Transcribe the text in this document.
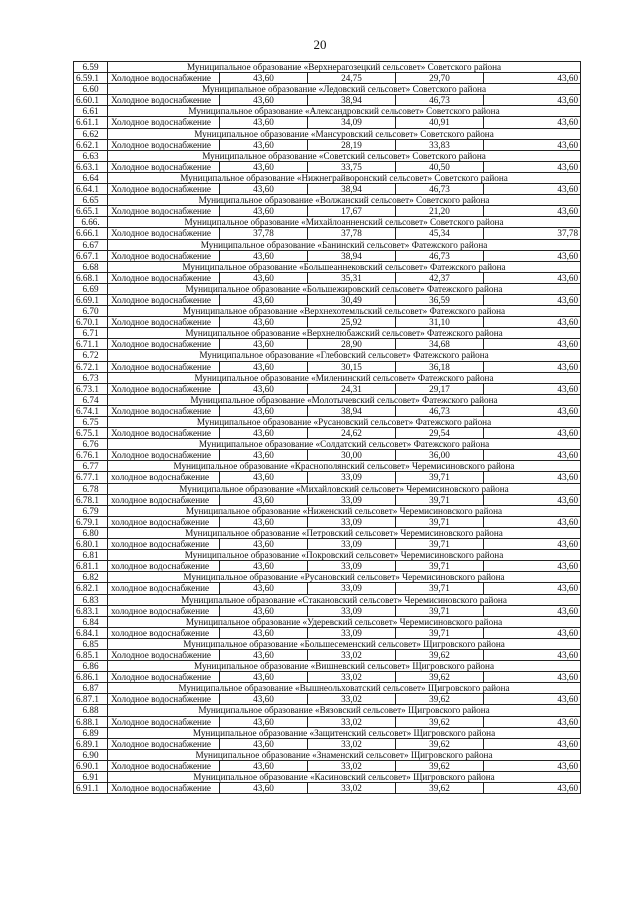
20
6.59	Муниципальное образование «Верхнерагозецкий сельсовет» Советского района				
6.59.1	Холодное водоснабжение	43,60	24,75	29,70	43,60
6.60	Муниципальное образование «Ледовский сельсовет» Советского района				
6.60.1	Холодное водоснабжение	43,60	38,94	46,73	43,60
6.61	Муниципальное образование «Александровский сельсовет» Советского района				
6.61.1	Холодное водоснабжение	43,60	34,09	40,91	43,60
6.62	Муниципальное образование «Мансуровский сельсовет» Советского района				
6.62.1	Холодное водоснабжение	43,60	28,19	33,83	43,60
6.63	Муниципальное образование «Советский сельсовет» Советского района				
6.63.1	Холодное водоснабжение	43,60	33,75	40,50	43,60
6.64	Муниципальное образование «Нижнеграйворонский сельсовет» Советского района				
6.64.1	Холодное водоснабжение	43,60	38,94	46,73	43,60
6.65	Муниципальное образование «Волжанский сельсовет» Советского района				
6.65.1	Холодное водоснабжение	43,60	17,67	21,20	43,60
6.66.	Муниципальное образование «Михайлоанненский сельсовет» Советского района				
6.66.1	Холодное водоснабжение	37,78	37,78	45,34	37,78
6.67	Муниципальное образование «Банинский сельсовет» Фатежского района				
6.67.1	Холодное водоснабжение	43,60	38,94	46,73	43,60
6.68	Муниципальное образование «Большеаннековский сельсовет» Фатежского района				
6.68.1	Холодное водоснабжение	43,60	35,31	42,37	43,60
6.69	Муниципальное образование «Большежировский сельсовет» Фатежского района				
6.69.1	Холодное водоснабжение	43,60	30,49	36,59	43,60
6.70	Муниципальное образование «Верхнехотемльский сельсовет» Фатежского района				
6.70.1	Холодное водоснабжение	43,60	25,92	31,10	43,60
6.71	Муниципальное образование «Верхнелюбажский сельсовет» Фатежского района				
6.71.1	Холодное водоснабжение	43,60	28,90	34,68	43,60
6.72	Муниципальное образование «Глебовский сельсовет» Фатежского района				
6.72.1	Холодное водоснабжение	43,60	30,15	36,18	43,60
6.73	Муниципальное образование «Миленинский сельсовет» Фатежского района				
6.73.1	Холодное водоснабжение	43,60	24,31	29,17	43,60
6.74	Муниципальное образование «Молотычевский сельсовет» Фатежского района				
6.74.1	Холодное водоснабжение	43,60	38,94	46,73	43,60
6.75	Муниципальное образование «Русановский сельсовет» Фатежского района				
6.75.1	Холодное водоснабжение	43,60	24,62	29,54	43,60
6.76	Муниципальное образование «Солдатский сельсовет» Фатежского района				
6.76.1	Холодное водоснабжение	43,60	30,00	36,00	43,60
6.77	Муниципальное образование «Краснополянский сельсовет» Черемисиновского района				
6.77.1	холодное водоснабжение	43,60	33,09	39,71	43,60
6.78	Муниципальное образование «Михайловский сельсовет» Черемисиновского района				
6.78.1	холодное водоснабжение	43,60	33,09	39,71	43,60
6.79	Муниципальное образование «Ниженский сельсовет» Черемисиновского района				
6.79.1	холодное водоснабжение	43,60	33,09	39,71	43,60
6.80	Муниципальное образование «Петровский сельсовет» Черемисиновского района				
6.80.1	холодное водоснабжение	43,60	33,09	39,71	43,60
6.81	Муниципальное образование «Покровский сельсовет» Черемисиновского района				
6.81.1	холодное водоснабжение	43,60	33,09	39,71	43,60
6.82	Муниципальное образование «Русановский сельсовет» Черемисиновского района				
6.82.1	холодное водоснабжение	43,60	33,09	39,71	43,60
6.83	Муниципальное образование «Стакановский сельсовет» Черемисиновского района				
6.83.1	холодное водоснабжение	43,60	33,09	39,71	43,60
6.84	Муниципальное образование «Удеревский сельсовет» Черемисиновского района				
6.84.1	холодное водоснабжение	43,60	33,09	39,71	43,60
6.85	Муниципальное образование «Большесеменский сельсовет» Щигровского района				
6.85.1	Холодное водоснабжение	43,60	33,02	39,62	43,60
6.86	Муниципальное образование «Вишневский сельсовет» Щигровского района				
6.86.1	Холодное водоснабжение	43,60	33,02	39,62	43,60
6.87	Муниципальное образование «Вышнеольховатский сельсовет» Щигровского района				
6.87.1	Холодное водоснабжение	43,60	33,02	39,62	43,60
6.88	Муниципальное образование «Вязовский сельсовет» Щигровского района				
6.88.1	Холодное водоснабжение	43,60	33,02	39,62	43,60
6.89	Муниципальное образование «Защитенский сельсовет» Щигровского района				
6.89.1	Холодное водоснабжение	43,60	33,02	39,62	43,60
6.90	Муниципальное образование «Знаменский сельсовет» Щигровского района				
6.90.1	Холодное водоснабжение	43,60	33,02	39,62	43,60
6.91	Муниципальное образование «Касиновский сельсовет» Щигровского района				
6.91.1	Холодное водоснабжение	43,60	33,02	39,62	43,60
